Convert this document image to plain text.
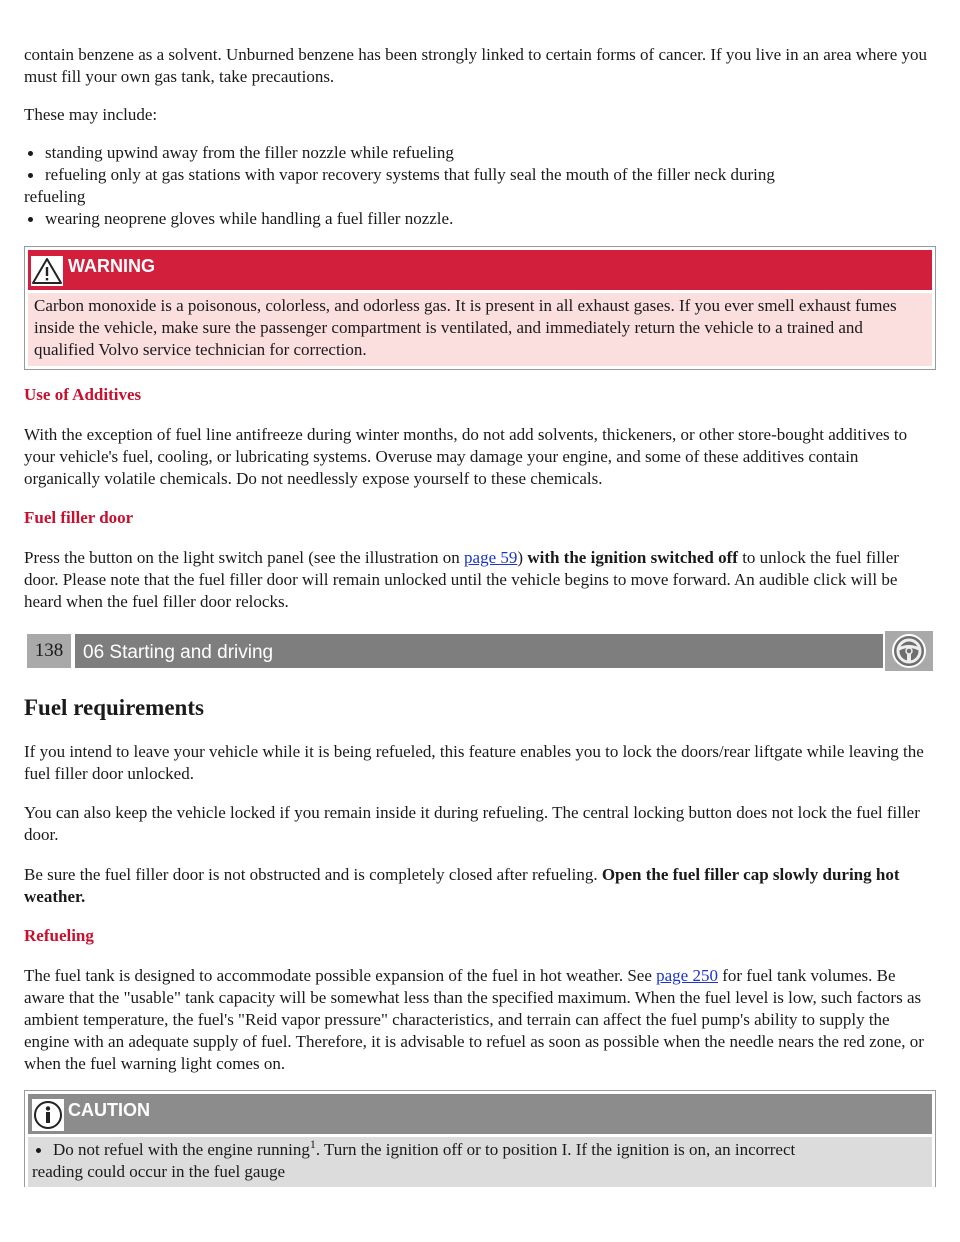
contain benzene as a solvent. Unburned benzene has been strongly linked to certain forms of cancer. If you live in an area where you must fill your own gas tank, take precautions.

These may include:

standing upwind away from the filler nozzle while refueling
refueling only at gas stations with vapor recovery systems that fully seal the mouth of the filler neck during
refueling
wearing neoprene gloves while handling a fuel filler nozzle.
WARNING

Carbon monoxide is a poisonous, colorless, and odorless gas. It is present in all exhaust gases. If you ever smell exhaust fumes inside the vehicle, make sure the passenger compartment is ventilated, and immediately return the vehicle to a trained and qualified Volvo service technician for correction.

Use of Additives

With the exception of fuel line antifreeze during winter months, do not add solvents, thickeners, or other store-bought additives to your vehicle's fuel, cooling, or lubricating systems. Overuse may damage your engine, and some of these additives contain organically volatile chemicals. Do not needlessly expose yourself to these chemicals.

Fuel filler door

Press the button on the light switch panel (see the illustration on page 59) with the ignition switched off to unlock the fuel filler door. Please note that the fuel filler door will remain unlocked until the vehicle begins to move forward. An audible click will be heard when the fuel filler door relocks.

138	06 Starting and driving
Fuel requirements

If you intend to leave your vehicle while it is being refueled, this feature enables you to lock the doors/rear liftgate while leaving the fuel filler door unlocked.

You can also keep the vehicle locked if you remain inside it during refueling. The central locking button does not lock the fuel filler door.

Be sure the fuel filler door is not obstructed and is completely closed after refueling. Open the fuel filler cap slowly during hot weather.

Refueling

The fuel tank is designed to accommodate possible expansion of the fuel in hot weather. See page 250 for fuel tank volumes. Be aware that the "usable" tank capacity will be somewhat less than the specified maximum. When the fuel level is low, such factors as ambient temperature, the fuel's "Reid vapor pressure" characteristics, and terrain can affect the fuel pump's ability to supply the engine with an adequate supply of fuel. Therefore, it is advisable to refuel as soon as possible when the needle nears the red zone, or when the fuel warning light comes on.

CAUTION
Do not refuel with the engine running$^1$. Turn the ignition off or to position I. If the ignition is on, an incorrect
reading could occur in the fuel gauge
